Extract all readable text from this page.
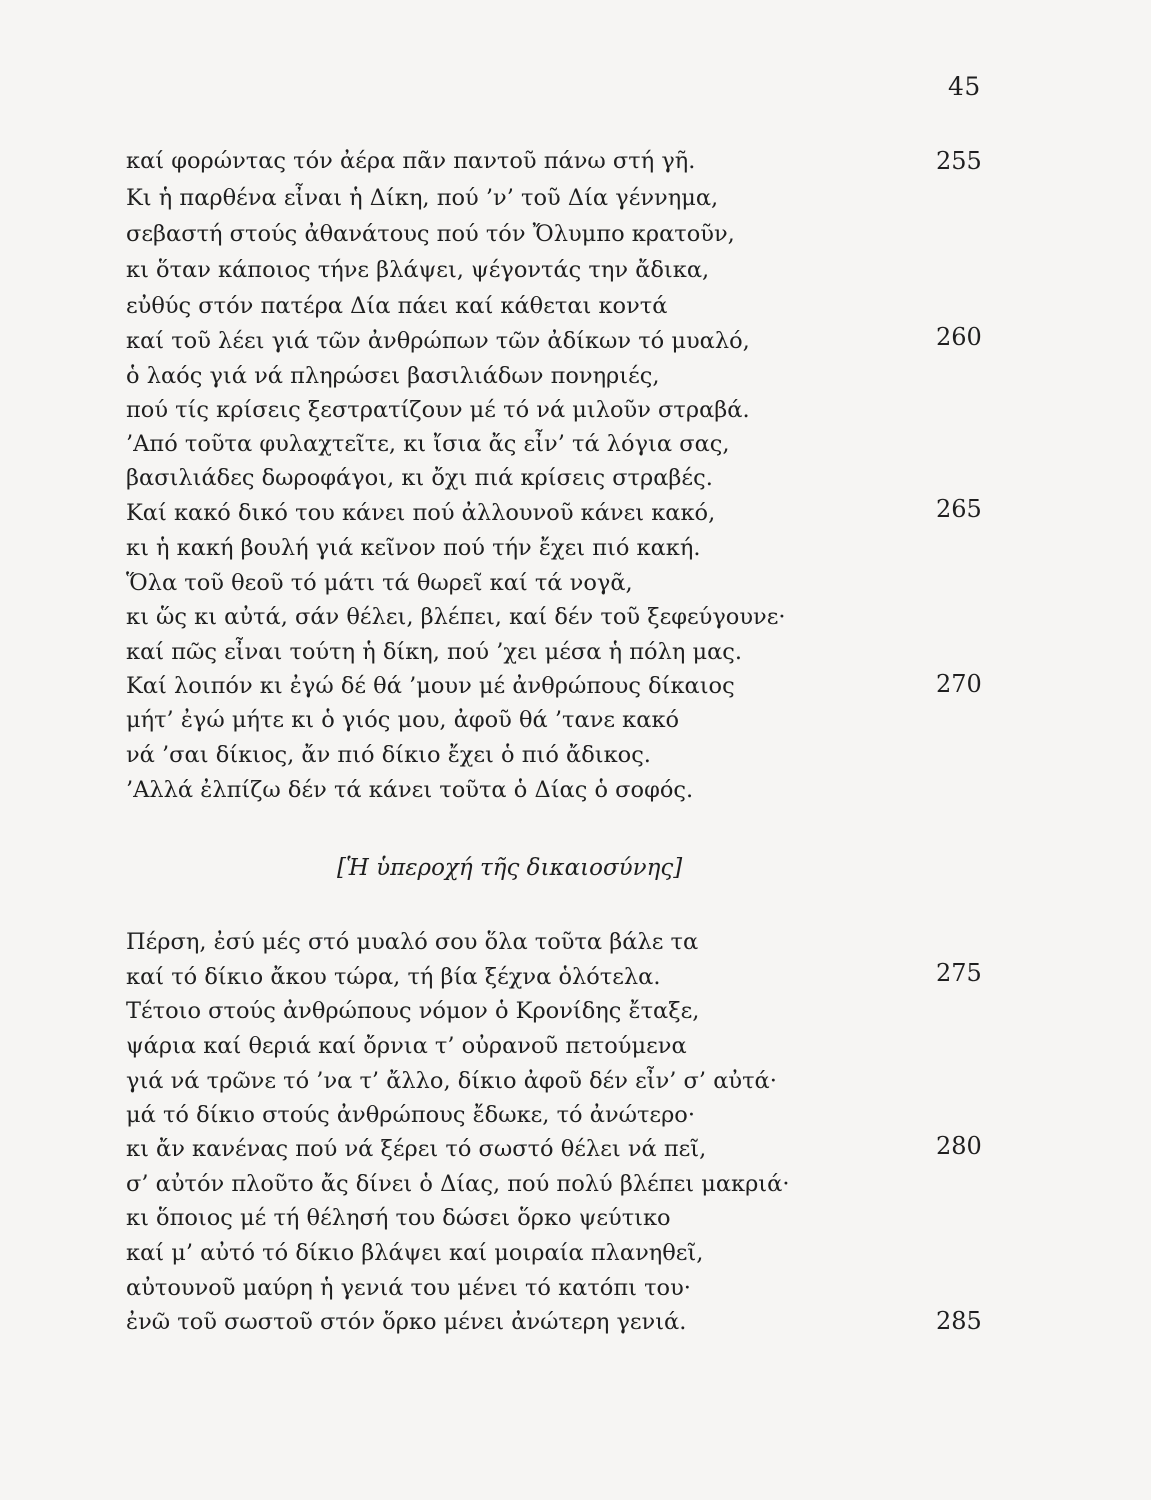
45
καί φορώντας τόν ἀέρα πᾶν παντοῦ πάνω στή γῆ.
Κι ἡ παρθένα εἶναι ἡ Δίκη, πού ’ν’ τοῦ Δία γέννημα,
σεβαστή στούς ἀθανάτους πού τόν Ὄλυμπο κρατοῦν,
κι ὅταν κάποιος τήνε βλάψει, ψέγοντάς την ἄδικα,
εὐθύς στόν πατέρα Δία πάει καί κάθεται κοντά
καί τοῦ λέει γιά τῶν ἀνθρώπων τῶν ἀδίκων τό μυαλό,
ὁ λαός γιά νά πληρώσει βασιλιάδων πονηριές,
πού τίς κρίσεις ξεστρατίζουν μέ τό νά μιλοῦν στραβά.
’Από τοῦτα φυλαχτεῖτε, κι ἴσια ἄς εἶν’ τά λόγια σας,
βασιλιάδες δωροφάγοι, κι ὄχι πιά κρίσεις στραβές.
Καί κακό δικό του κάνει πού ἀλλουνοῦ κάνει κακό,
κι ἡ κακή βουλή γιά κεῖνον πού τήν ἔχει πιό κακή.
Ὅλα τοῦ θεοῦ τό μάτι τά θωρεῖ καί τά νογᾶ,
κι ὥς κι αὐτά, σάν θέλει, βλέπει, καί δέν τοῦ ξεφεύγουνε·
καί πῶς εἶναι τούτη ἡ δίκη, πού ’χει μέσα ἡ πόλη μας.
Καί λοιπόν κι ἐγώ δέ θά ’μουν μέ ἀνθρώπους δίκαιος
μήτ’ ἐγώ μήτε κι ὁ γιός μου, ἀφοῦ θά ’τανε κακό
νά ’σαι δίκιος, ἄν πιό δίκιο ἔχει ὁ πιό ἄδικος.
’Αλλά ἐλπίζω δέν τά κάνει τοῦτα ὁ Δίας ὁ σοφός.
[Ἡ ὑπεροχή τῆς δικαιοσύνης]
Πέρση, ἐσύ μές στό μυαλό σου ὅλα τοῦτα βάλε τα
καί τό δίκιο ἄκου τώρα, τή βία ξέχνα ὁλότελα.
Τέτοιο στούς ἀνθρώπους νόμον ὁ Κρονίδης ἔταξε,
ψάρια καί θεριά καί ὄρνια τ’ οὐρανοῦ πετούμενα
γιά νά τρῶνε τό ’να τ’ ἄλλο, δίκιο ἀφοῦ δέν εἶν’ σ’ αὐτά·
μά τό δίκιο στούς ἀνθρώπους ἔδωκε, τό ἀνώτερο·
κι ἄν κανένας πού νά ξέρει τό σωστό θέλει νά πεῖ,
σ’ αὐτόν πλοῦτο ἄς δίνει ὁ Δίας, πού πολύ βλέπει μακριά·
κι ὅποιος μέ τή θέλησή του δώσει ὅρκο ψεύτικο
καί μ’ αὐτό τό δίκιο βλάψει καί μοιραία πλανηθεῖ,
αὐτουνοῦ μαύρη ἡ γενιά του μένει τό κατόπι του·
ἐνῶ τοῦ σωστοῦ στόν ὅρκο μένει ἀνώτερη γενιά.
255
260
265
270
275
280
285
